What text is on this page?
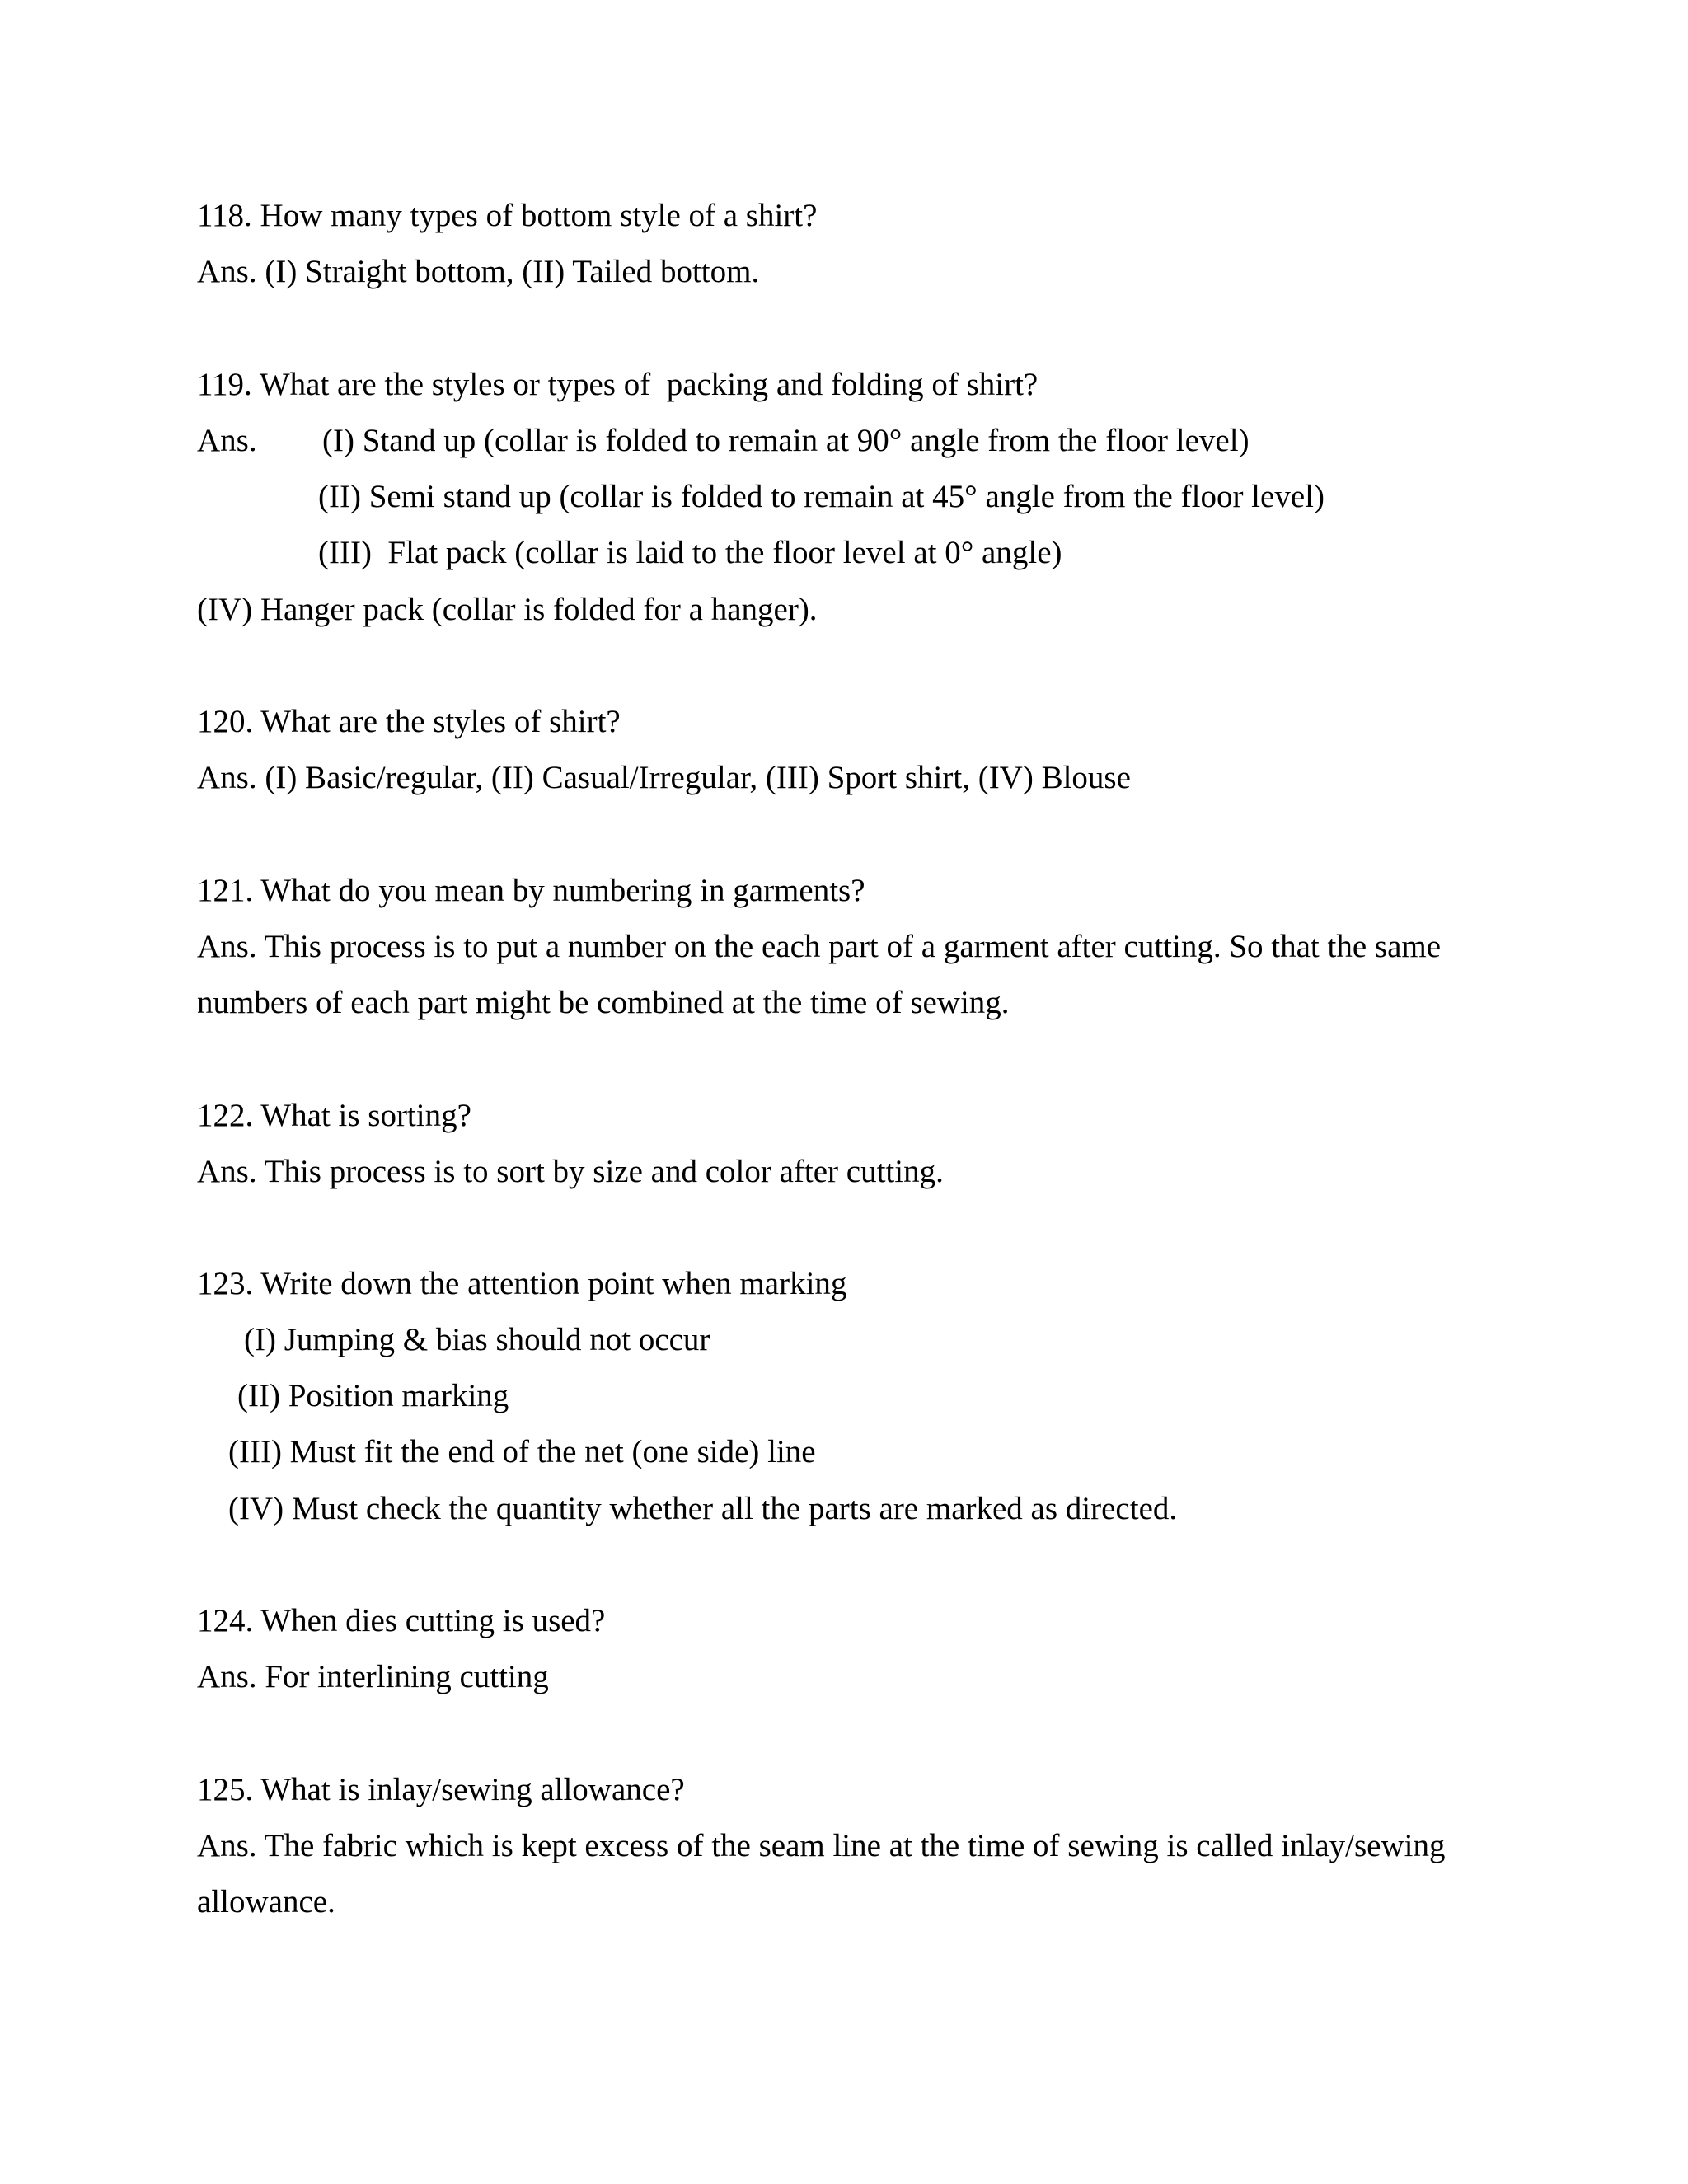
118. How many types of bottom style of a shirt?
Ans. (I) Straight bottom, (II) Tailed bottom.
119. What are the styles or types of  packing and folding of shirt?
Ans. (I) Stand up (collar is folded to remain at 90° angle from the floor level)
(II) Semi stand up (collar is folded to remain at 45° angle from the floor level)
(III)  Flat pack (collar is laid to the floor level at 0° angle)
(IV) Hanger pack (collar is folded for a hanger).
120. What are the styles of shirt?
Ans. (I) Basic/regular, (II) Casual/Irregular, (III) Sport shirt, (IV) Blouse
121. What do you mean by numbering in garments?
Ans. This process is to put a number on the each part of a garment after cutting. So that the same
numbers of each part might be combined at the time of sewing.
122. What is sorting?
Ans. This process is to sort by size and color after cutting.
123. Write down the attention point when marking
(I) Jumping & bias should not occur
(II) Position marking
(III) Must fit the end of the net (one side) line
(IV) Must check the quantity whether all the parts are marked as directed.
124. When dies cutting is used?
Ans. For interlining cutting
125. What is inlay/sewing allowance?
Ans. The fabric which is kept excess of the seam line at the time of sewing is called inlay/sewing
allowance.
